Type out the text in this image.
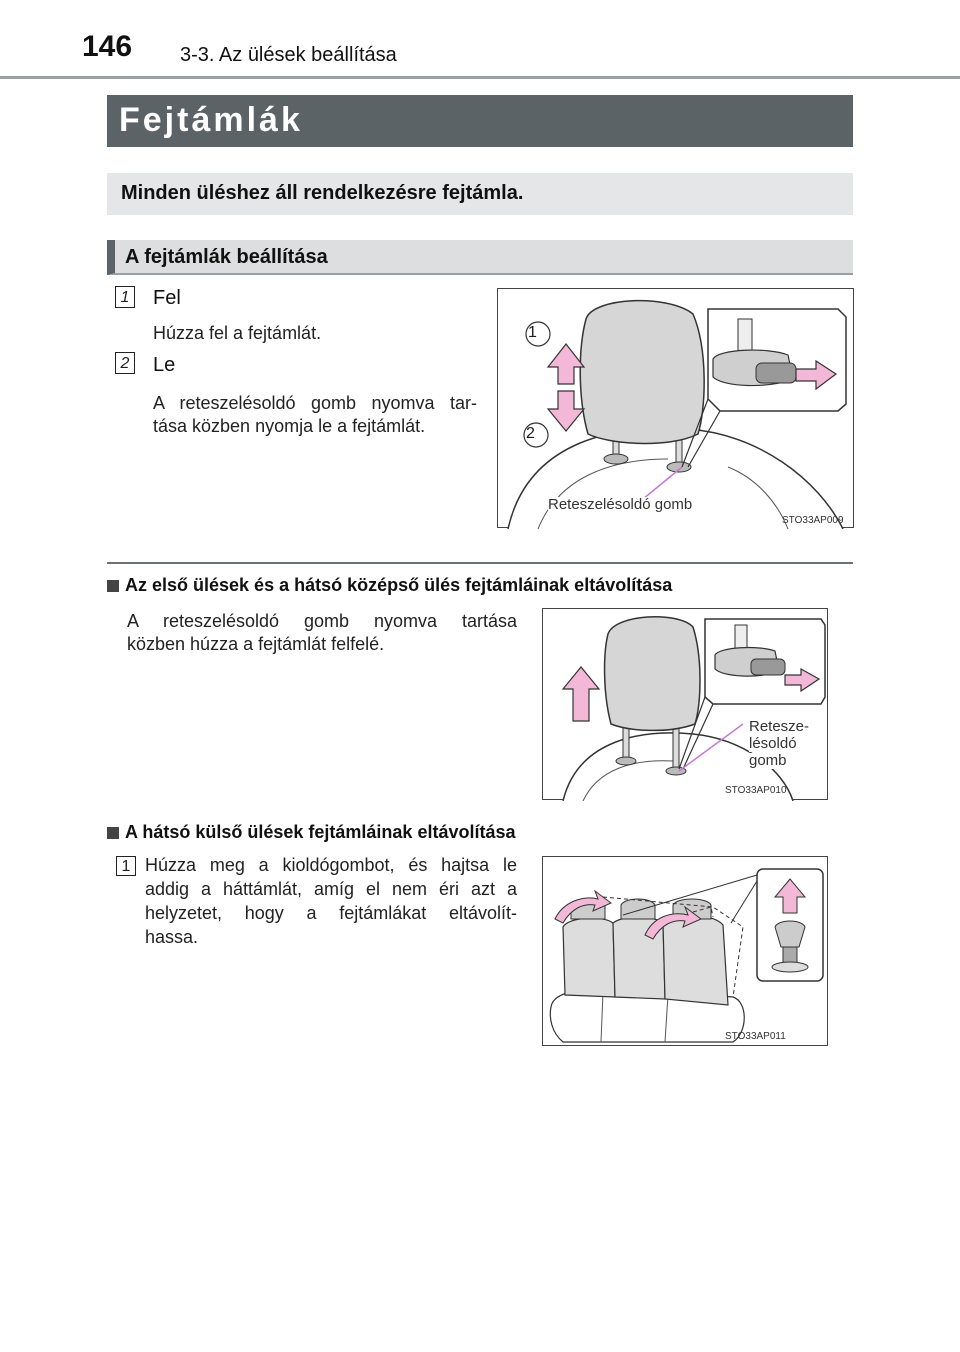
146 3-3. Az ülések beállítása
Fejtámlák
Minden üléshez áll rendelkezésre fejtámla.
A fejtámlák beállítása
1 Fel
Húzza fel a fejtámlát.
2 Le
A reteszelésoldó gomb nyomva tar-
tása közben nyomja le a fejtámlát.
1
2
Reteszelésoldó gomb
STO33AP009
Az első ülések és a hátsó középső ülés fejtámláinak eltávolítása
A reteszelésoldó gomb nyomva tartása
közben húzza a fejtámlát felfelé.
Retesze-
lésoldó
gomb
STO33AP010
A hátsó külső ülések fejtámláinak eltávolítása
1 Húzza meg a kioldógombot, és hajtsa le
addig a háttámlát, amíg el nem éri azt a
helyzetet, hogy a fejtámlákat eltávolít-
hassa.
STO33AP011
